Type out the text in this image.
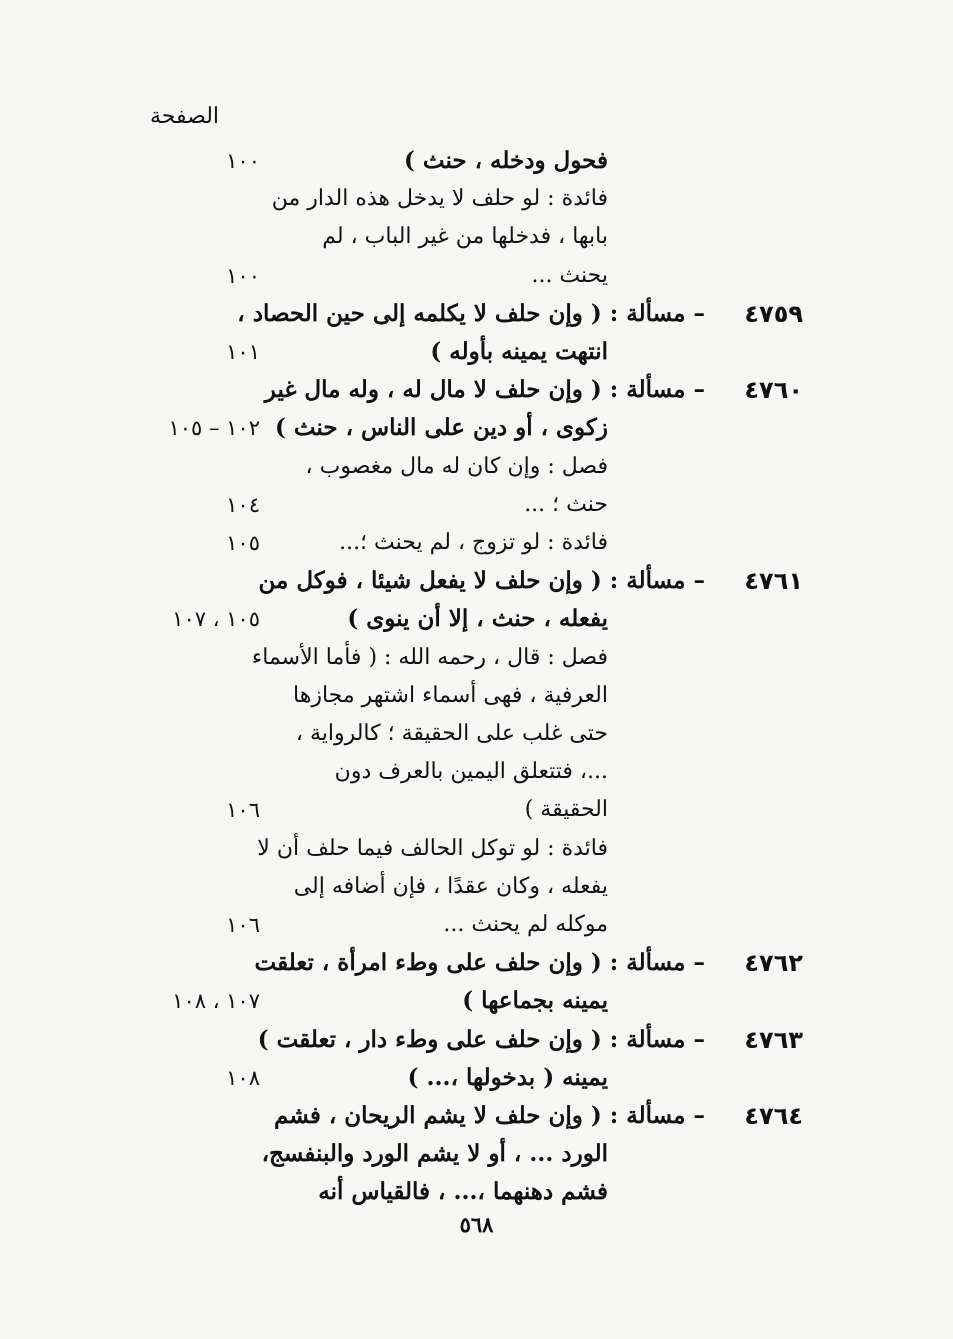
الصفحة
فحول ودخله ، حنث )
١٠٠
فائدة : لو حلف لا يدخل هذه الدار من
بابها ، فدخلها من غير الباب ، لم
يحنث ...
١٠٠
– مسألة : ( وإن حلف لا يكلمه إلى حين الحصاد ، ٤٧٥٩
انتهت يمينه بأوله )
١٠١
– مسألة : ( وإن حلف لا مال له ، وله مال غير ٤٧٦٠
زكوى ، أو دين على الناس ، حنث )
١٠٢ – ١٠٥
فصل : وإن كان له مال مغصوب ،
حنث ؛ ...
١٠٤
فائدة : لو تزوج ، لم يحنث ؛...
١٠٥
– مسألة : ( وإن حلف لا يفعل شيئا ، فوكل من ٤٧٦١
يفعله ، حنث ، إلا أن ينوى )
١٠٥ ، ١٠٧
فصل : قال ، رحمه الله : ( فأما الأسماء
العرفية ، فهى أسماء اشتهر مجازها
حتى غلب على الحقيقة ؛ كالرواية ،
...، فتتعلق اليمين بالعرف دون
الحقيقة )
١٠٦
فائدة : لو توكل الحالف فيما حلف أن لا
يفعله ، وكان عقدًا ، فإن أضافه إلى
موكله لم يحنث ...
١٠٦
– مسألة : ( وإن حلف على وطء امرأة ، تعلقت ٤٧٦٢
يمينه بجماعها )
١٠٧ ، ١٠٨
– مسألة : ( وإن حلف على وطء دار ، تعلقت ) ٤٧٦٣
يمينه ( بدخولها ،... )
١٠٨
– مسألة : ( وإن حلف لا يشم الريحان ، فشم ٤٧٦٤
الورد ... ، أو لا يشم الورد والبنفسج،
فشم دهنهما ،... ، فالقياس أنه
٥٦٨
